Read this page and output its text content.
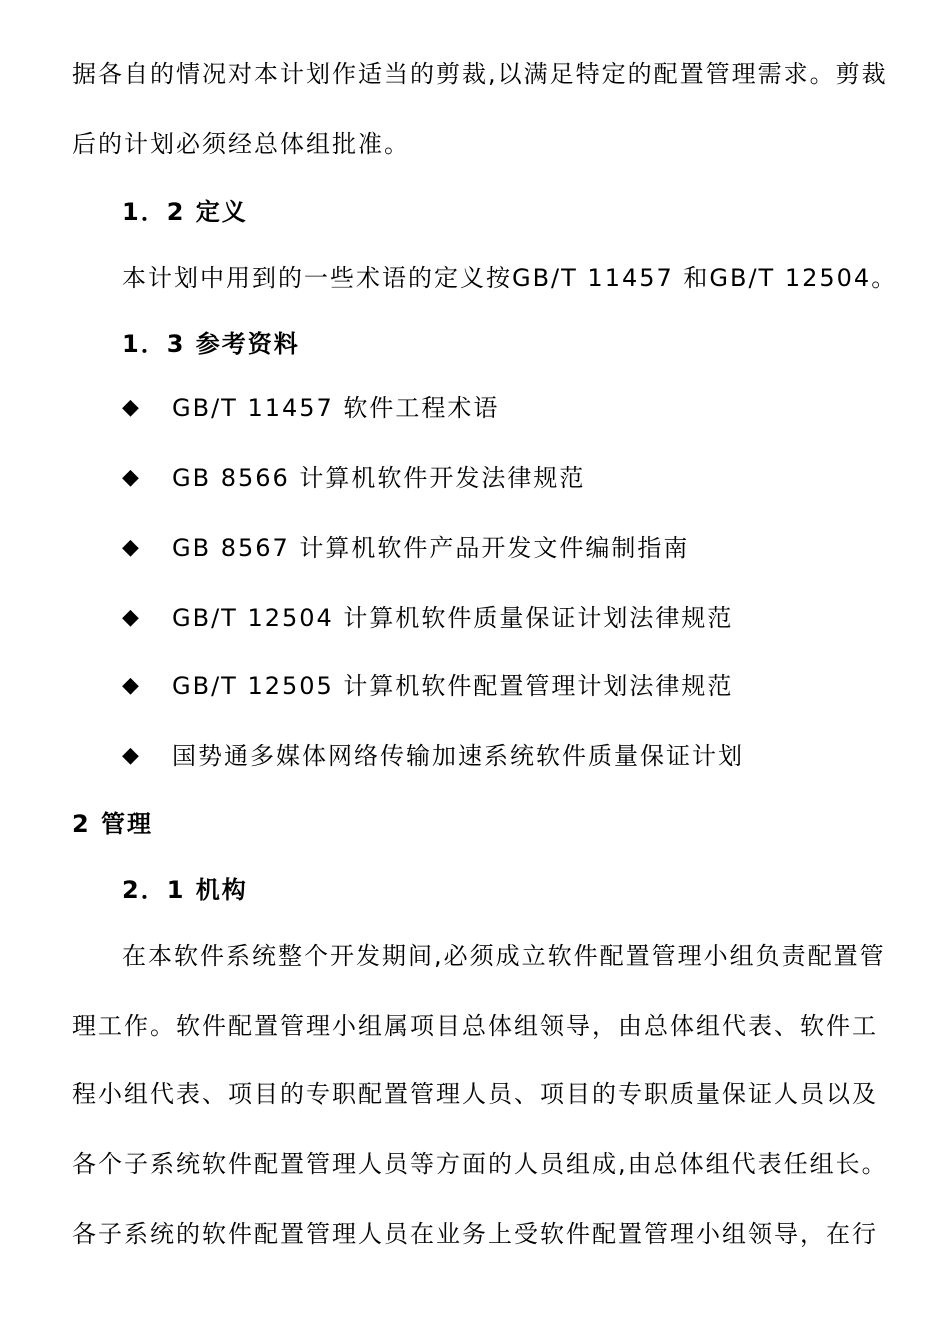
据各自的情况对本计划作适当的剪裁,以满足特定的配置管理需求。剪裁
后的计划必须经总体组批准。
1．2 定义
本计划中用到的一些术语的定义按GB/T 11457 和GB/T 12504。
1．3 参考资料
◆ GB/T 11457 软件工程术语
◆ GB 8566 计算机软件开发法律规范
◆ GB 8567 计算机软件产品开发文件编制指南
◆ GB/T 12504 计算机软件质量保证计划法律规范
◆ GB/T 12505 计算机软件配置管理计划法律规范
◆ 国势通多媒体网络传输加速系统软件质量保证计划
2 管理
2．1 机构
在本软件系统整个开发期间,必须成立软件配置管理小组负责配置管
理工作。软件配置管理小组属项目总体组领导，由总体组代表、软件工
程小组代表、项目的专职配置管理人员、项目的专职质量保证人员以及
各个子系统软件配置管理人员等方面的人员组成,由总体组代表任组长。
各子系统的软件配置管理人员在业务上受软件配置管理小组领导，在行
